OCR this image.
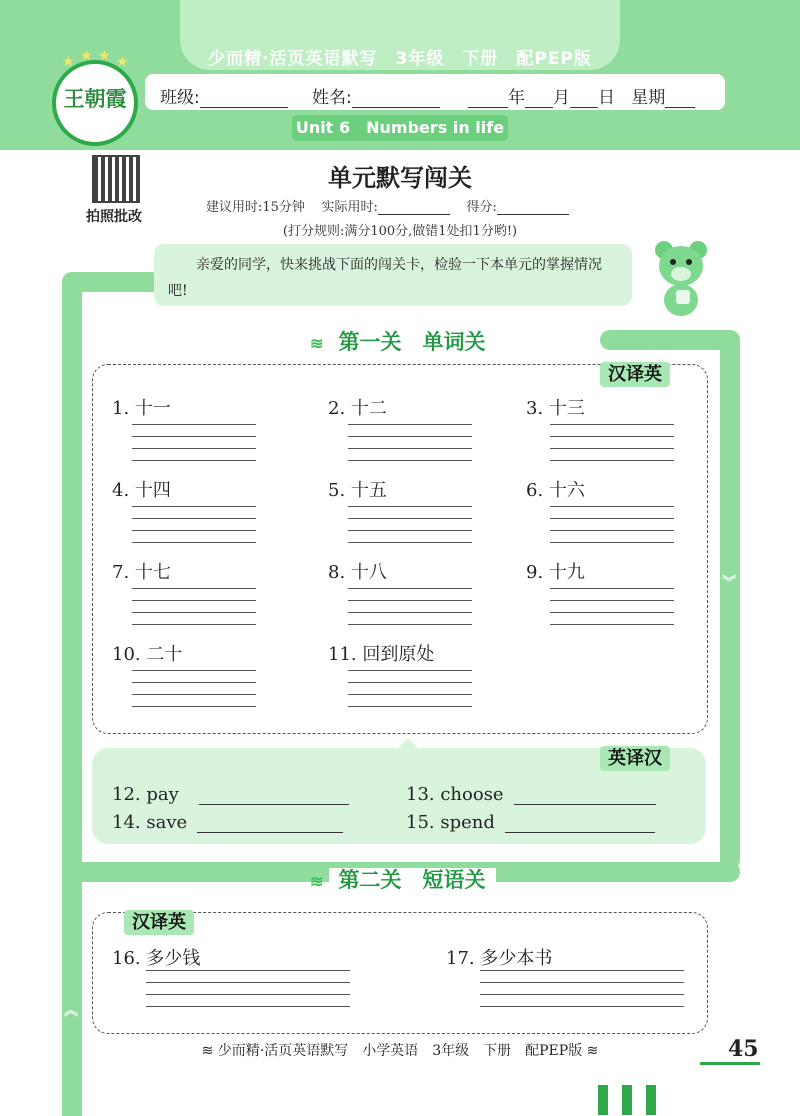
少而精·活页英语默写　3年级　下册　配PEP版
王朝霞
★ ★ ★ ★
班级:	姓名:	年 月 日 星期
Unit 6　Numbers in life
拍照批改
单元默写闯关
建议用时:15分钟 实际用时:	得分:
(打分规则:满分100分,做错1处扣1分哟!)
︾
︽
亲爱的同学，快来挑战下面的闯关卡，检验一下本单元的掌握情况吧!
≋ 第一关　单词关
汉译英
1. 十一	2. 十二	3. 十三
4. 十四	5. 十五	6. 十六
7. 十七	8. 十八	9. 十九
10. 二十	11. 回到原处
英译汉
12. pay	13. choose
14. save	15. spend
≋ 第二关　短语关
汉译英
16. 多少钱	17. 多少本书
≋ 少而精·活页英语默写　小学英语　3年级　下册　配PEP版 ≋	45
